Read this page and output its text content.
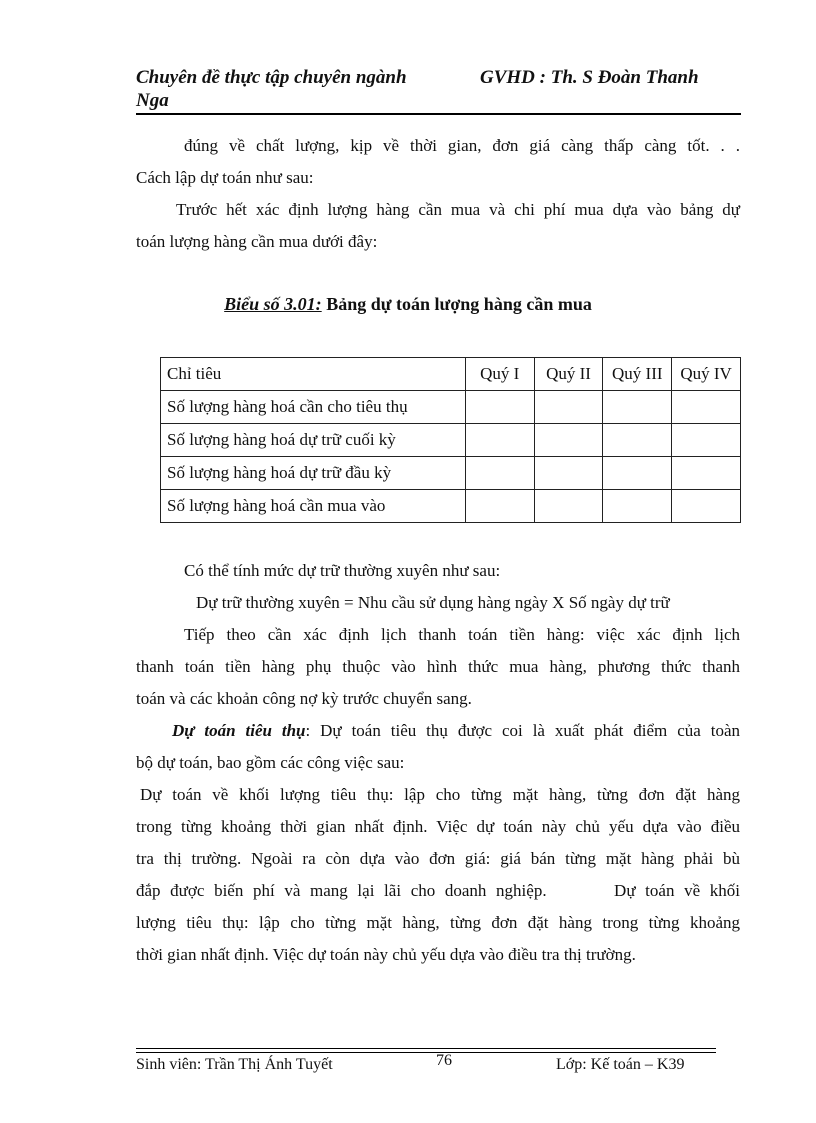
Chuyên đề thực tập chuyên ngành
Nga
GVHD : Th. S Đoàn Thanh
đúng về chất lượng, kịp về thời gian, đơn giá càng thấp càng tốt. . .
Cách lập dự toán như sau:
Trước hết xác định lượng hàng cần mua và chi phí mua dựa vào bảng dự
toán lượng hàng cần mua dưới đây:
Biểu số 3.01: Bảng dự toán lượng hàng cần mua
Chỉ tiêu	Quý I	Quý II	Quý III	Quý IV
Số lượng hàng hoá cần cho tiêu thụ				
Số lượng hàng hoá dự trữ cuối kỳ				
Số lượng hàng hoá dự trữ đầu kỳ				
Số lượng hàng hoá cần mua vào				
Có thể tính mức dự trữ thường xuyên như sau:
Dự trữ thường xuyên = Nhu cầu sử dụng hàng ngày X Số ngày dự trữ
Tiếp theo cần xác định lịch thanh toán tiền hàng: việc xác định lịch
thanh toán tiền hàng phụ thuộc vào hình thức mua hàng, phương thức thanh
toán và các khoản công nợ kỳ trước chuyển sang.
Dự toán tiêu thụ: Dự toán tiêu thụ được coi là xuất phát điểm của toàn
bộ dự toán, bao gồm các công việc sau:
Dự toán về khối lượng tiêu thụ: lập cho từng mặt hàng, từng đơn đặt hàng
trong từng khoảng thời gian nhất định. Việc dự toán này chủ yếu dựa vào điều
tra thị trường. Ngoài ra còn dựa vào đơn giá: giá bán từng mặt hàng phải bù
đắp được biến phí và mang lại lãi cho doanh nghiệp.       Dự toán về khối
lượng tiêu thụ: lập cho từng mặt hàng, từng đơn đặt hàng trong từng khoảng
thời gian nhất định. Việc dự toán này chủ yếu dựa vào điều tra thị trường.
Sinh viên: Trần Thị Ánh Tuyết	76	Lớp: Kế toán – K39
